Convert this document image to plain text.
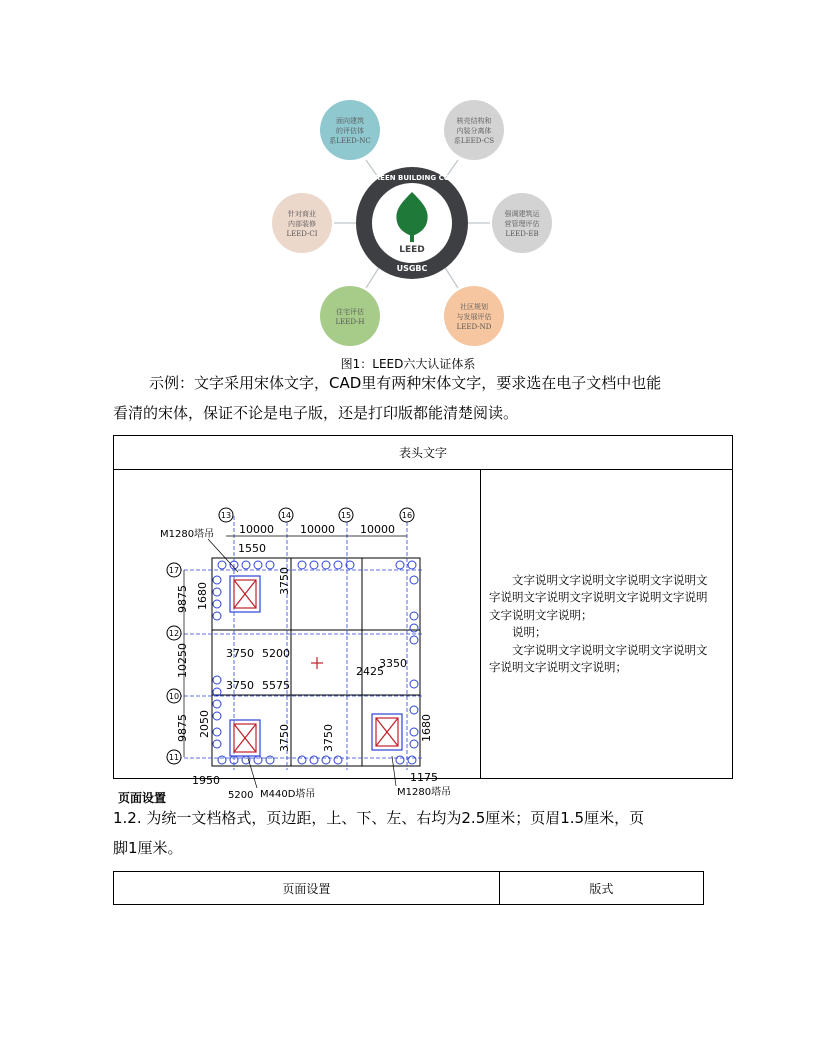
面向建筑
的评估体
系LEED-NC
核壳结构和
内装分离体
系LEED-CS
针对商业
内部装修
LEED-CI
强调建筑运
营管理评估
LEED-EB
住宅评估
LEED-H
社区规划
与发展评估
LEED-ND
LEED
USGBC
U.S. GREEN BUILDING COUNCIL
图1：LEED六大认证体系
示例：文字采用宋体文字，CAD里有两种宋体文字，要求选在电子文档中也能
看清的宋体，保证不论是电子版，还是打印版都能清楚阅读。
表头文字

13	14	15	16
17
12
10
11
10000 10000 10000
1550
5200
3750 5200
2425
3350
3750 5575
1950	1175
9875 1680
3750
10250
9875 2050	3750	3750	1680
M1280塔吊
M440D塔吊	M1280塔吊

文字说明文字说明文字说明文字说明文字说明文字说明文字说明文字说明文字说明文字说明文字说明；

说明；

文字说明文字说明文字说明文字说明文字说明文字说明文字说明；

页面设置
1.2. 为统一文档格式，页边距，上、下、左、右均为2.5厘米；页眉1.5厘米，页
脚1厘米。
页面设置	版式
